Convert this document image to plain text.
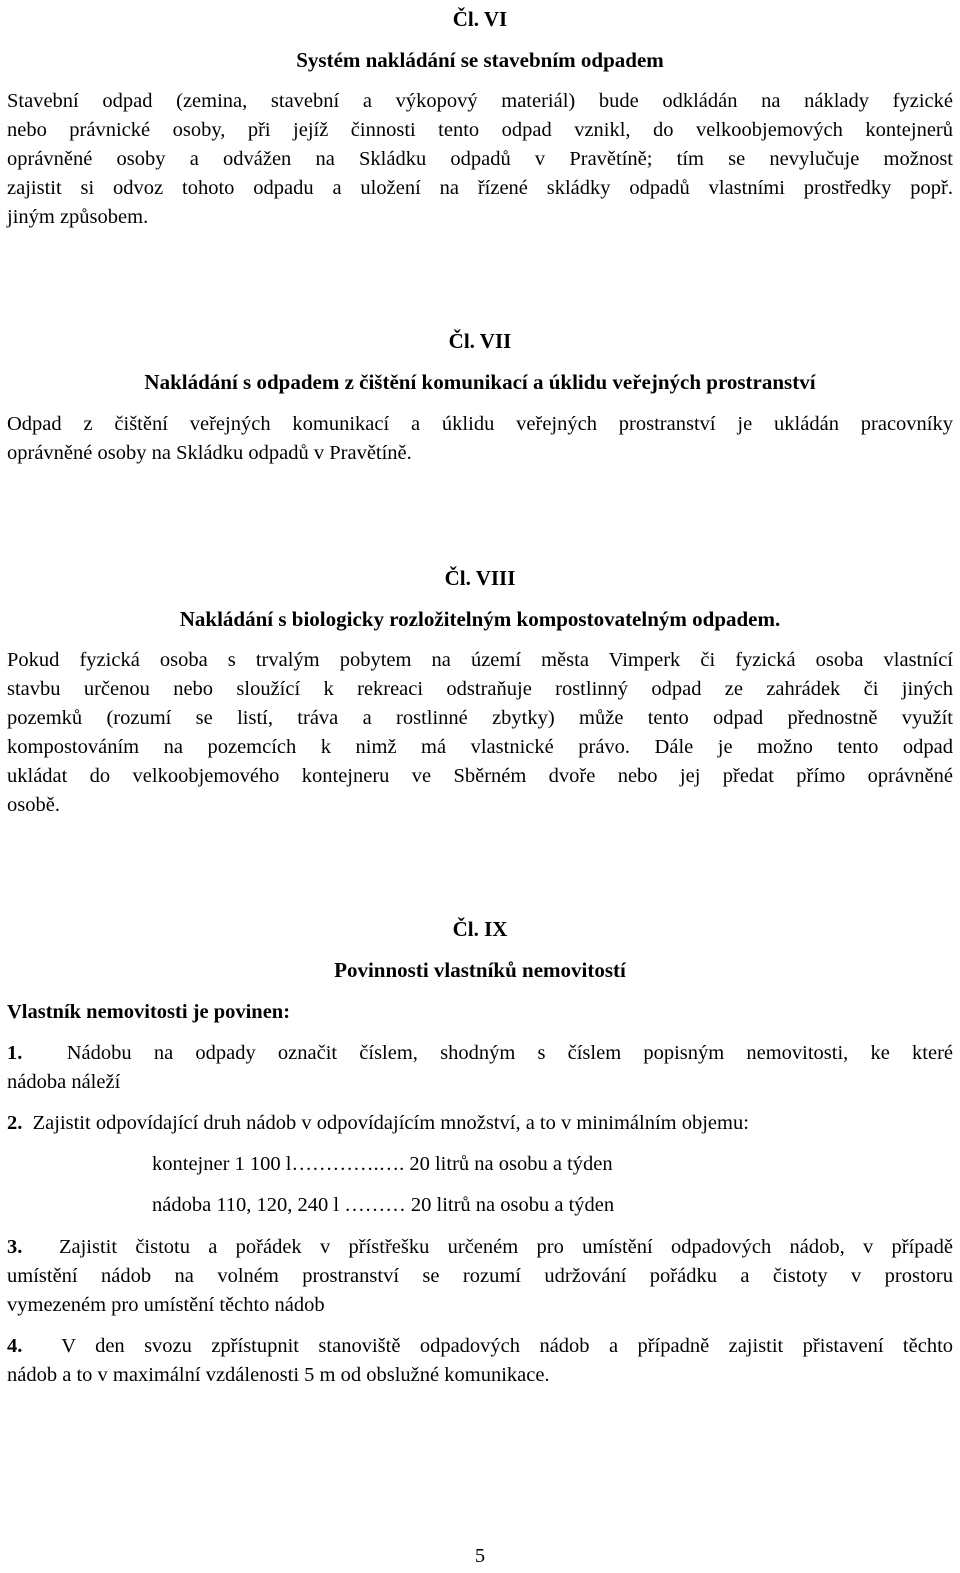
Čl. VI
Systém nakládání se stavebním odpadem
Stavební odpad (zemina, stavební a výkopový materiál) bude odkládán na náklady fyzické
nebo právnické osoby, při jejíž činnosti tento odpad vznikl, do velkoobjemových kontejnerů
oprávněné osoby a odvážen na Skládku odpadů v Pravětíně; tím se nevylučuje možnost
zajistit si odvoz tohoto odpadu a uložení na řízené skládky odpadů vlastními prostředky popř.
jiným způsobem.
Čl. VII
Nakládání s odpadem z čištění komunikací a úklidu veřejných prostranství
Odpad z čištění veřejných komunikací a úklidu veřejných prostranství je ukládán pracovníky
oprávněné osoby na Skládku odpadů v Pravětíně.
Čl. VIII
Nakládání s biologicky rozložitelným kompostovatelným odpadem.
Pokud fyzická osoba s trvalým pobytem na území města Vimperk či fyzická osoba vlastnící
stavbu určenou nebo sloužící k rekreaci odstraňuje rostlinný odpad ze zahrádek či jiných
pozemků (rozumí se listí, tráva a rostlinné zbytky) může tento odpad přednostně využít
kompostováním na pozemcích k nimž má vlastnické právo. Dále je možno tento odpad
ukládat do velkoobjemového kontejneru ve Sběrném dvoře nebo jej předat přímo oprávněné
osobě.
Čl. IX
Povinnosti vlastníků nemovitostí
Vlastník nemovitosti je povinen:
1. Nádobu na odpady označit číslem, shodným s číslem popisným nemovitosti, ke které
nádoba náleží
2. Zajistit odpovídající druh nádob v odpovídajícím množství, a to v minimálním objemu:
kontejner 1 100 l………….…. 20 litrů na osobu a týden
nádoba 110, 120, 240 l ……… 20 litrů na osobu a týden
3. Zajistit čistotu a pořádek v přístřešku určeném pro umístění odpadových nádob, v případě
umístění nádob na volném prostranství se rozumí udržování pořádku a čistoty v prostoru
vymezeném pro umístění těchto nádob
4. V den svozu zpřístupnit stanoviště odpadových nádob a případně zajistit přistavení těchto
nádob a to v maximální vzdálenosti 5 m od obslužné komunikace.
5
